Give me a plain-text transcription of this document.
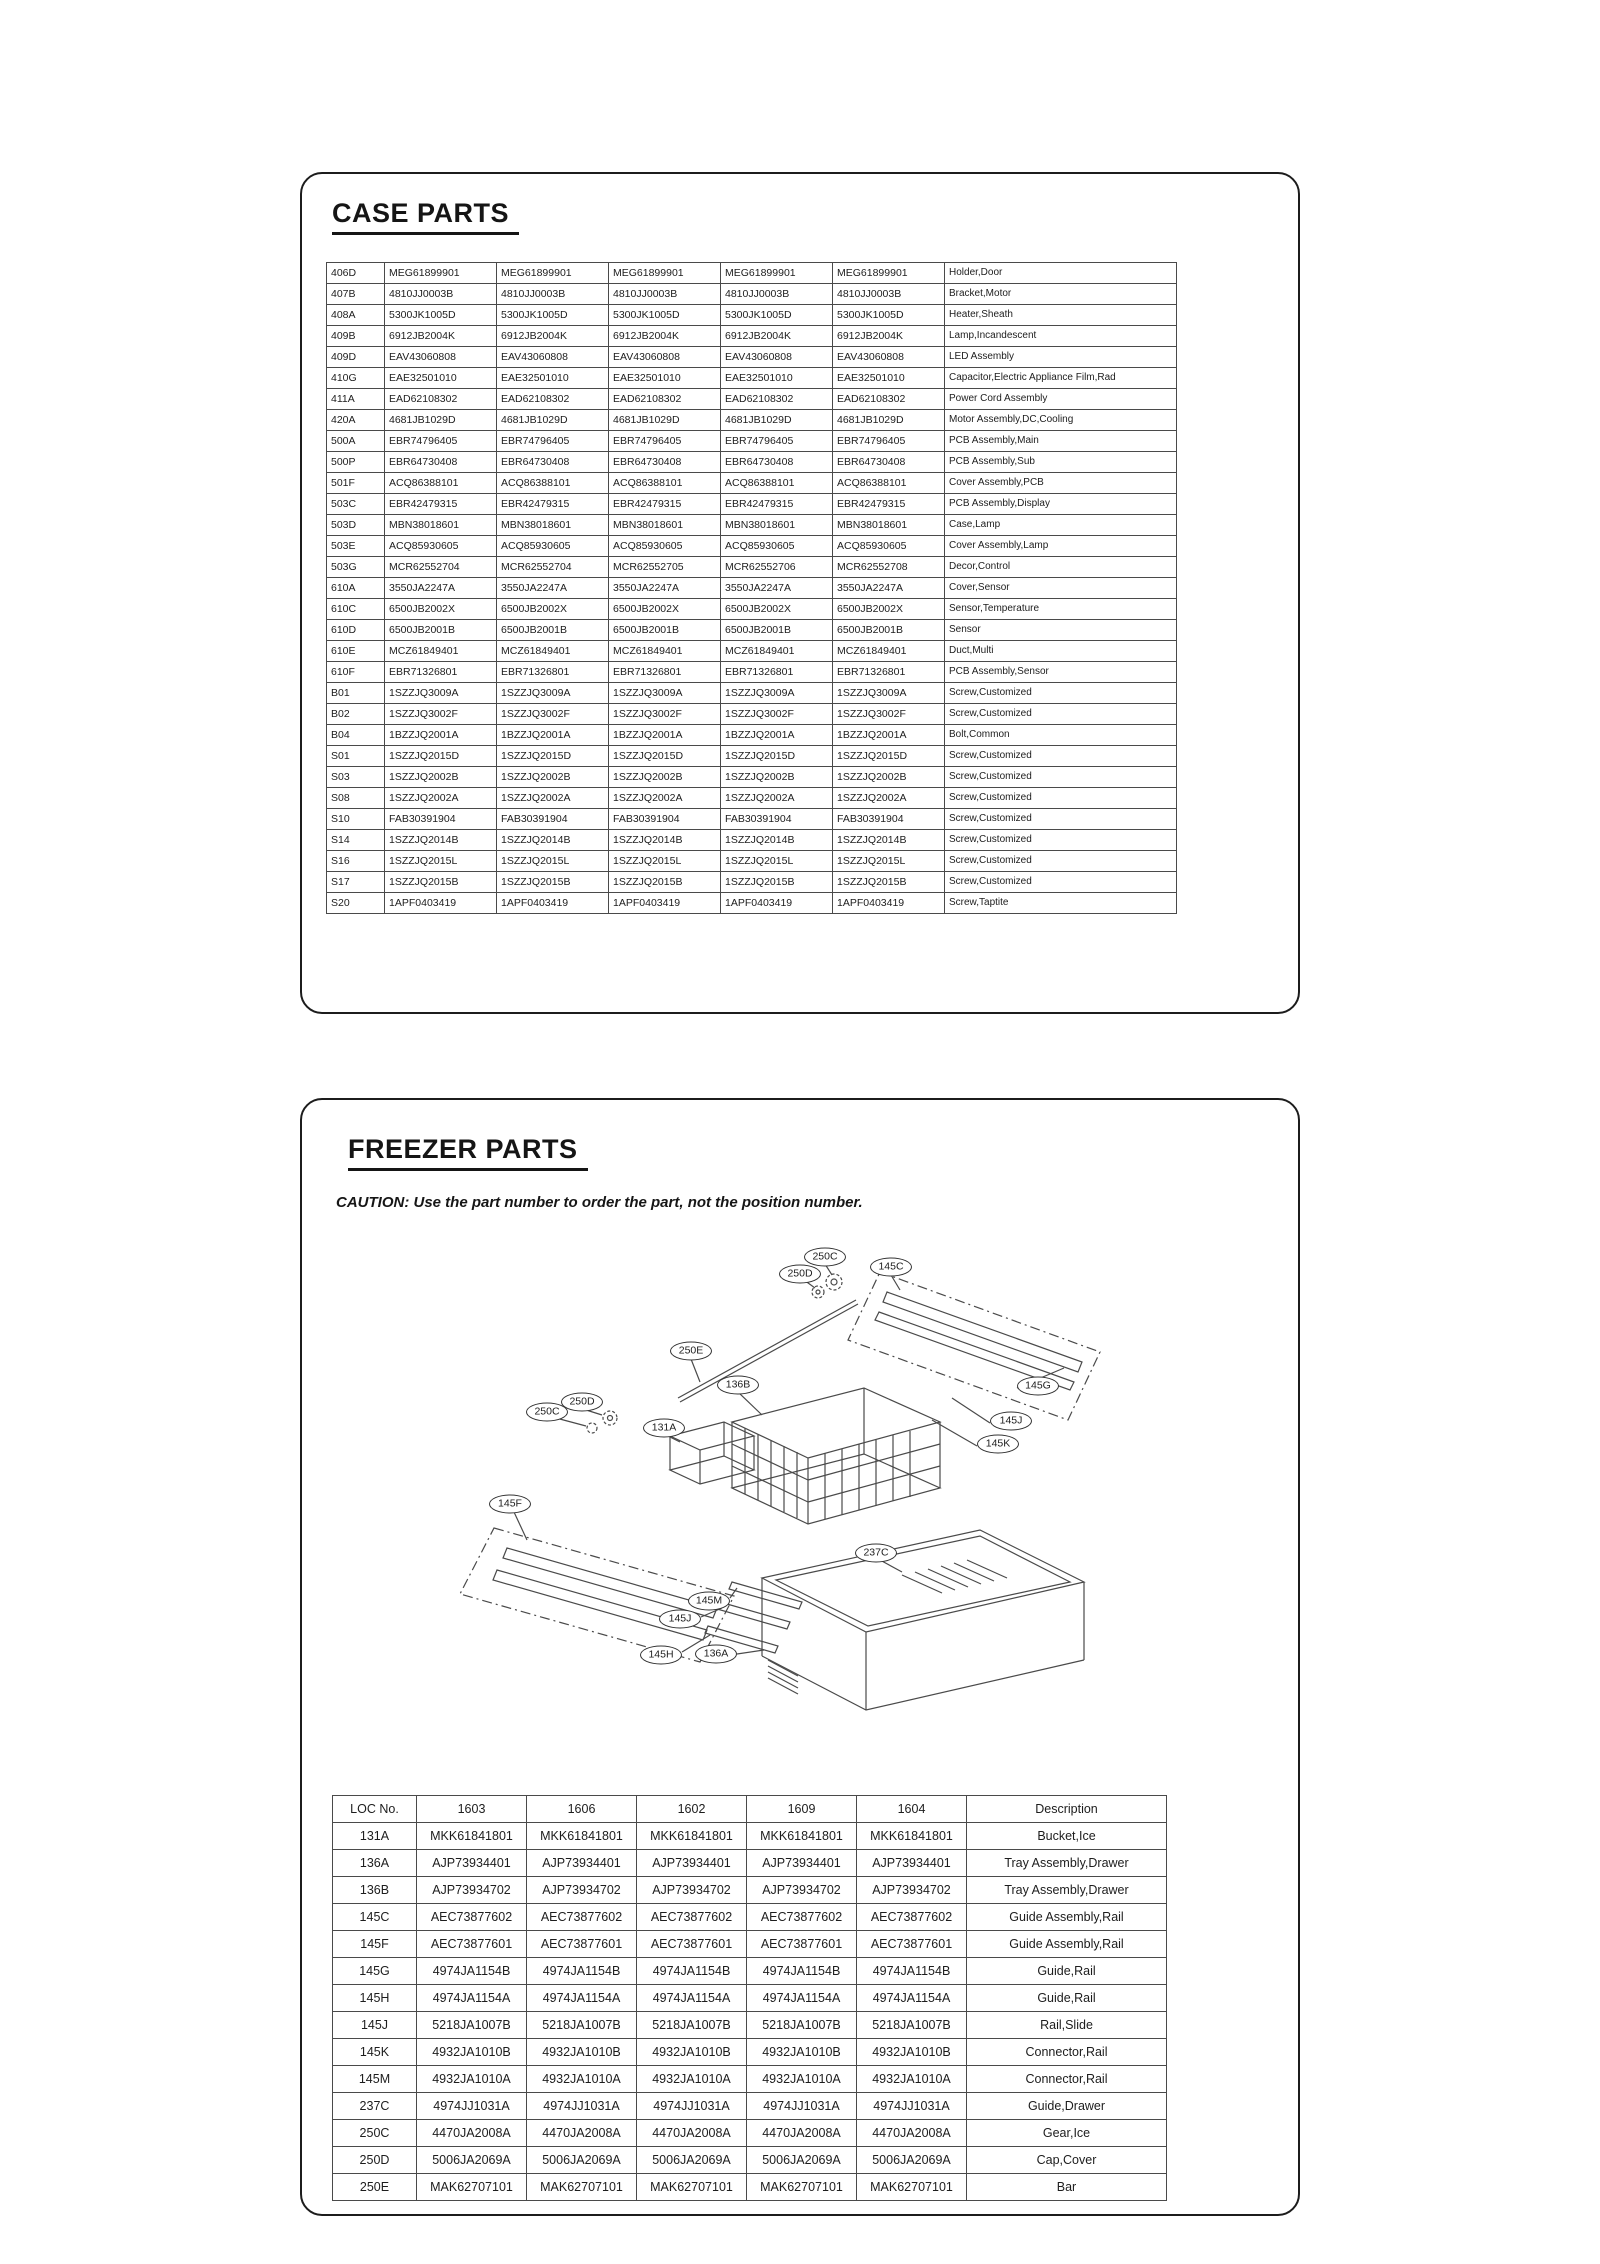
CASE PARTS
406D	MEG61899901	MEG61899901	MEG61899901	MEG61899901	MEG61899901	Holder,Door
407B	4810JJ0003B	4810JJ0003B	4810JJ0003B	4810JJ0003B	4810JJ0003B	Bracket,Motor
408A	5300JK1005D	5300JK1005D	5300JK1005D	5300JK1005D	5300JK1005D	Heater,Sheath
409B	6912JB2004K	6912JB2004K	6912JB2004K	6912JB2004K	6912JB2004K	Lamp,Incandescent
409D	EAV43060808	EAV43060808	EAV43060808	EAV43060808	EAV43060808	LED Assembly
410G	EAE32501010	EAE32501010	EAE32501010	EAE32501010	EAE32501010	Capacitor,Electric Appliance Film,Rad
411A	EAD62108302	EAD62108302	EAD62108302	EAD62108302	EAD62108302	Power Cord Assembly
420A	4681JB1029D	4681JB1029D	4681JB1029D	4681JB1029D	4681JB1029D	Motor Assembly,DC,Cooling
500A	EBR74796405	EBR74796405	EBR74796405	EBR74796405	EBR74796405	PCB Assembly,Main
500P	EBR64730408	EBR64730408	EBR64730408	EBR64730408	EBR64730408	PCB Assembly,Sub
501F	ACQ86388101	ACQ86388101	ACQ86388101	ACQ86388101	ACQ86388101	Cover Assembly,PCB
503C	EBR42479315	EBR42479315	EBR42479315	EBR42479315	EBR42479315	PCB Assembly,Display
503D	MBN38018601	MBN38018601	MBN38018601	MBN38018601	MBN38018601	Case,Lamp
503E	ACQ85930605	ACQ85930605	ACQ85930605	ACQ85930605	ACQ85930605	Cover Assembly,Lamp
503G	MCR62552704	MCR62552704	MCR62552705	MCR62552706	MCR62552708	Decor,Control
610A	3550JA2247A	3550JA2247A	3550JA2247A	3550JA2247A	3550JA2247A	Cover,Sensor
610C	6500JB2002X	6500JB2002X	6500JB2002X	6500JB2002X	6500JB2002X	Sensor,Temperature
610D	6500JB2001B	6500JB2001B	6500JB2001B	6500JB2001B	6500JB2001B	Sensor
610E	MCZ61849401	MCZ61849401	MCZ61849401	MCZ61849401	MCZ61849401	Duct,Multi
610F	EBR71326801	EBR71326801	EBR71326801	EBR71326801	EBR71326801	PCB Assembly,Sensor
B01	1SZZJQ3009A	1SZZJQ3009A	1SZZJQ3009A	1SZZJQ3009A	1SZZJQ3009A	Screw,Customized
B02	1SZZJQ3002F	1SZZJQ3002F	1SZZJQ3002F	1SZZJQ3002F	1SZZJQ3002F	Screw,Customized
B04	1BZZJQ2001A	1BZZJQ2001A	1BZZJQ2001A	1BZZJQ2001A	1BZZJQ2001A	Bolt,Common
S01	1SZZJQ2015D	1SZZJQ2015D	1SZZJQ2015D	1SZZJQ2015D	1SZZJQ2015D	Screw,Customized
S03	1SZZJQ2002B	1SZZJQ2002B	1SZZJQ2002B	1SZZJQ2002B	1SZZJQ2002B	Screw,Customized
S08	1SZZJQ2002A	1SZZJQ2002A	1SZZJQ2002A	1SZZJQ2002A	1SZZJQ2002A	Screw,Customized
S10	FAB30391904	FAB30391904	FAB30391904	FAB30391904	FAB30391904	Screw,Customized
S14	1SZZJQ2014B	1SZZJQ2014B	1SZZJQ2014B	1SZZJQ2014B	1SZZJQ2014B	Screw,Customized
S16	1SZZJQ2015L	1SZZJQ2015L	1SZZJQ2015L	1SZZJQ2015L	1SZZJQ2015L	Screw,Customized
S17	1SZZJQ2015B	1SZZJQ2015B	1SZZJQ2015B	1SZZJQ2015B	1SZZJQ2015B	Screw,Customized
S20	1APF0403419	1APF0403419	1APF0403419	1APF0403419	1APF0403419	Screw,Taptite
FREEZER PARTS

CAUTION: Use the part number to order the part, not the position number.

250C
250D
145C
250E
136B
250D
250C
131A
145G
145J
145K
145F
237C
145M
145J
145H	136A
LOC No.	1603	1606	1602	1609	1604	Description
131A	MKK61841801	MKK61841801	MKK61841801	MKK61841801	MKK61841801	Bucket,Ice
136A	AJP73934401	AJP73934401	AJP73934401	AJP73934401	AJP73934401	Tray Assembly,Drawer
136B	AJP73934702	AJP73934702	AJP73934702	AJP73934702	AJP73934702	Tray Assembly,Drawer
145C	AEC73877602	AEC73877602	AEC73877602	AEC73877602	AEC73877602	Guide Assembly,Rail
145F	AEC73877601	AEC73877601	AEC73877601	AEC73877601	AEC73877601	Guide Assembly,Rail
145G	4974JA1154B	4974JA1154B	4974JA1154B	4974JA1154B	4974JA1154B	Guide,Rail
145H	4974JA1154A	4974JA1154A	4974JA1154A	4974JA1154A	4974JA1154A	Guide,Rail
145J	5218JA1007B	5218JA1007B	5218JA1007B	5218JA1007B	5218JA1007B	Rail,Slide
145K	4932JA1010B	4932JA1010B	4932JA1010B	4932JA1010B	4932JA1010B	Connector,Rail
145M	4932JA1010A	4932JA1010A	4932JA1010A	4932JA1010A	4932JA1010A	Connector,Rail
237C	4974JJ1031A	4974JJ1031A	4974JJ1031A	4974JJ1031A	4974JJ1031A	Guide,Drawer
250C	4470JA2008A	4470JA2008A	4470JA2008A	4470JA2008A	4470JA2008A	Gear,Ice
250D	5006JA2069A	5006JA2069A	5006JA2069A	5006JA2069A	5006JA2069A	Cap,Cover
250E	MAK62707101	MAK62707101	MAK62707101	MAK62707101	MAK62707101	Bar
